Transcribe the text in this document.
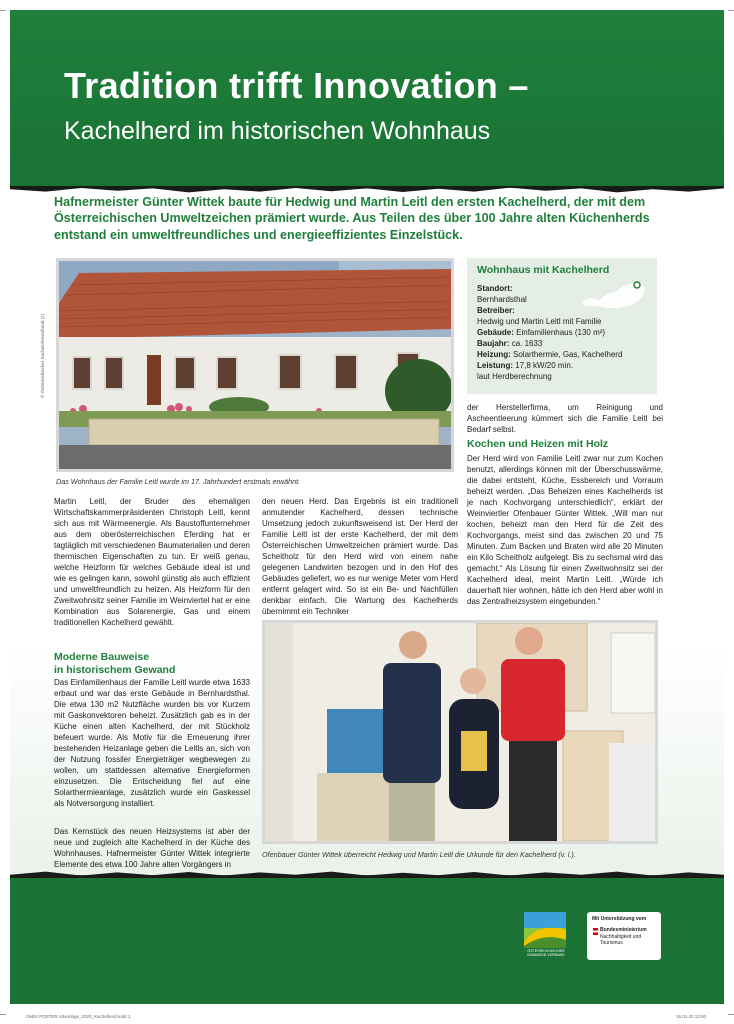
Tradition trifft Innovation –
Kachelherd im historischen Wohnhaus
Hafnermeister Günter Wittek baute für Hedwig und Martin Leitl den ersten Kachelherd, der mit dem Österreichischen Umweltzeichen prämiert wurde. Aus Teilen des über 100 Jahre alten Küchenherds entstand ein umweltfreundliches und energieeffizientes Einzelstück.
© Österreichischer Kachelofenverband (2)
Das Wohnhaus der Familie Leitl wurde im 17. Jahrhundert erstmals erwähnt.
Wohnhaus mit Kachelherd
Standort:
Bernhardsthal
Betreiber:
Hedwig und Martin Leitl mit Familie
Gebäude: Einfamilienhaus (130 m²)
Baujahr: ca. 1633
Heizung: Solarthermie, Gas, Kachelherd
Leistung: 17,8 kW/20 min.
laut Herdberechnung

Martin Leitl, der Bruder des ehemaligen Wirtschaftskammerpräsidenten Christoph Leitl, kennt sich aus mit Wärmeenergie. Als Baustoffunternehmer aus dem oberösterreichischen Eferding hat er tagtäglich mit verschiedenen Baumaterialien und deren thermischen Eigenschaften zu tun. Er weiß genau, welche Heizform für welches Gebäude ideal ist und wie es gelingen kann, sowohl günstig als auch effizient und umweltfreundlich zu heizen. Als Heizform für den Zweitwohnsitz seiner Familie im Weinviertel hat er eine Kombination aus Solarenergie, Gas und einem traditionellen Kachelherd gewählt.

Moderne Bauweise
in historischem Gewand

Das Einfamilienhaus der Familie Leitl wurde etwa 1633 erbaut und war das erste Gebäude in Bernhardsthal. Die etwa 130 m2 Nutzfläche wurden bis vor Kurzem mit Gaskonvektoren beheizt. Zusätzlich gab es in der Küche einen alten Kachelherd, der mit Stückholz befeuert wurde. Als Motiv für die Erneuerung ihrer bestehenden Heizanlage geben die Leitls an, sich von der Nutzung fossiler Energieträger wegbewegen zu wollen, um stattdessen alternative Energieformen einzusetzen. Die Entscheidung fiel auf eine Solarthermieanlage, zusätzlich wurde ein Gaskessel als Notversorgung installiert.

Das Kernstück des neuen Heizsystems ist aber der neue und zugleich alte Kachelherd in der Küche des Wohnhauses. Hafnermeister Günter Wittek integrierte Elemente des etwa 100 Jahre alten Vorgängers in

den neuen Herd. Das Ergebnis ist ein traditionell anmutender Kachelherd, dessen technische Umsetzung jedoch zukunftsweisend ist. Der Herd der Familie Leitl ist der erste Kachelherd, der mit dem Österreichischen Umweltzeichen prämiert wurde. Das Scheitholz für den Herd wird von einem nahe gelegenen Landwirten bezogen und in den Hof des Gebäudes geliefert, wo es nur wenige Meter vom Herd entfernt gelagert wird. So ist ein Be- und Nachfüllen denkbar einfach. Die Wartung des Kachelherds übernimmt ein Techniker

der Herstellerfirma, um Reinigung und Ascheentleerung kümmert sich die Familie Leitl bei Bedarf selbst.

Kochen und Heizen mit Holz

Der Herd wird von Familie Leitl zwar nur zum Kochen benutzt, allerdings können mit der Überschusswärme, die dabei entsteht, Küche, Essbereich und Vorraum beheizt werden. „Das Beheizen eines Kachelherds ist je nach Kochvorgang unterschiedlich“, erklärt der Weinviertler Ofenbauer Günter Wittek. „Will man nur kochen, beheizt man den Herd für die Zeit des Kochvorgangs, meist sind das zwischen 20 und 75 Minuten. Zum Backen und Braten wird alle 20 Minuten ein Kilo Scheitholz aufgelegt. Bis zu sechsmal wird das gemacht.“ Als Lösung für einen Zweitwohnsitz sei der Kachelherd ideal, meint Martin Leitl. „Würde ich dauerhaft hier wohnen, hätte ich den Herd aber wohl in das Zentralheizsystem eingebunden.“

Ofenbauer Günter Wittek überreicht Hedwig und Martin Leitl die Urkunde für den Kachelherd (v. l.).
ÖSTERREICHISCHER
BIOMASSE-VERBAND
Mit Unterstützung vom
Bundesministerium
Nachhaltigkeit und
Tourismus
OeBV POSTER A0vorlage_2020_Kachelherd.indd 1	16.01.20 13:00
